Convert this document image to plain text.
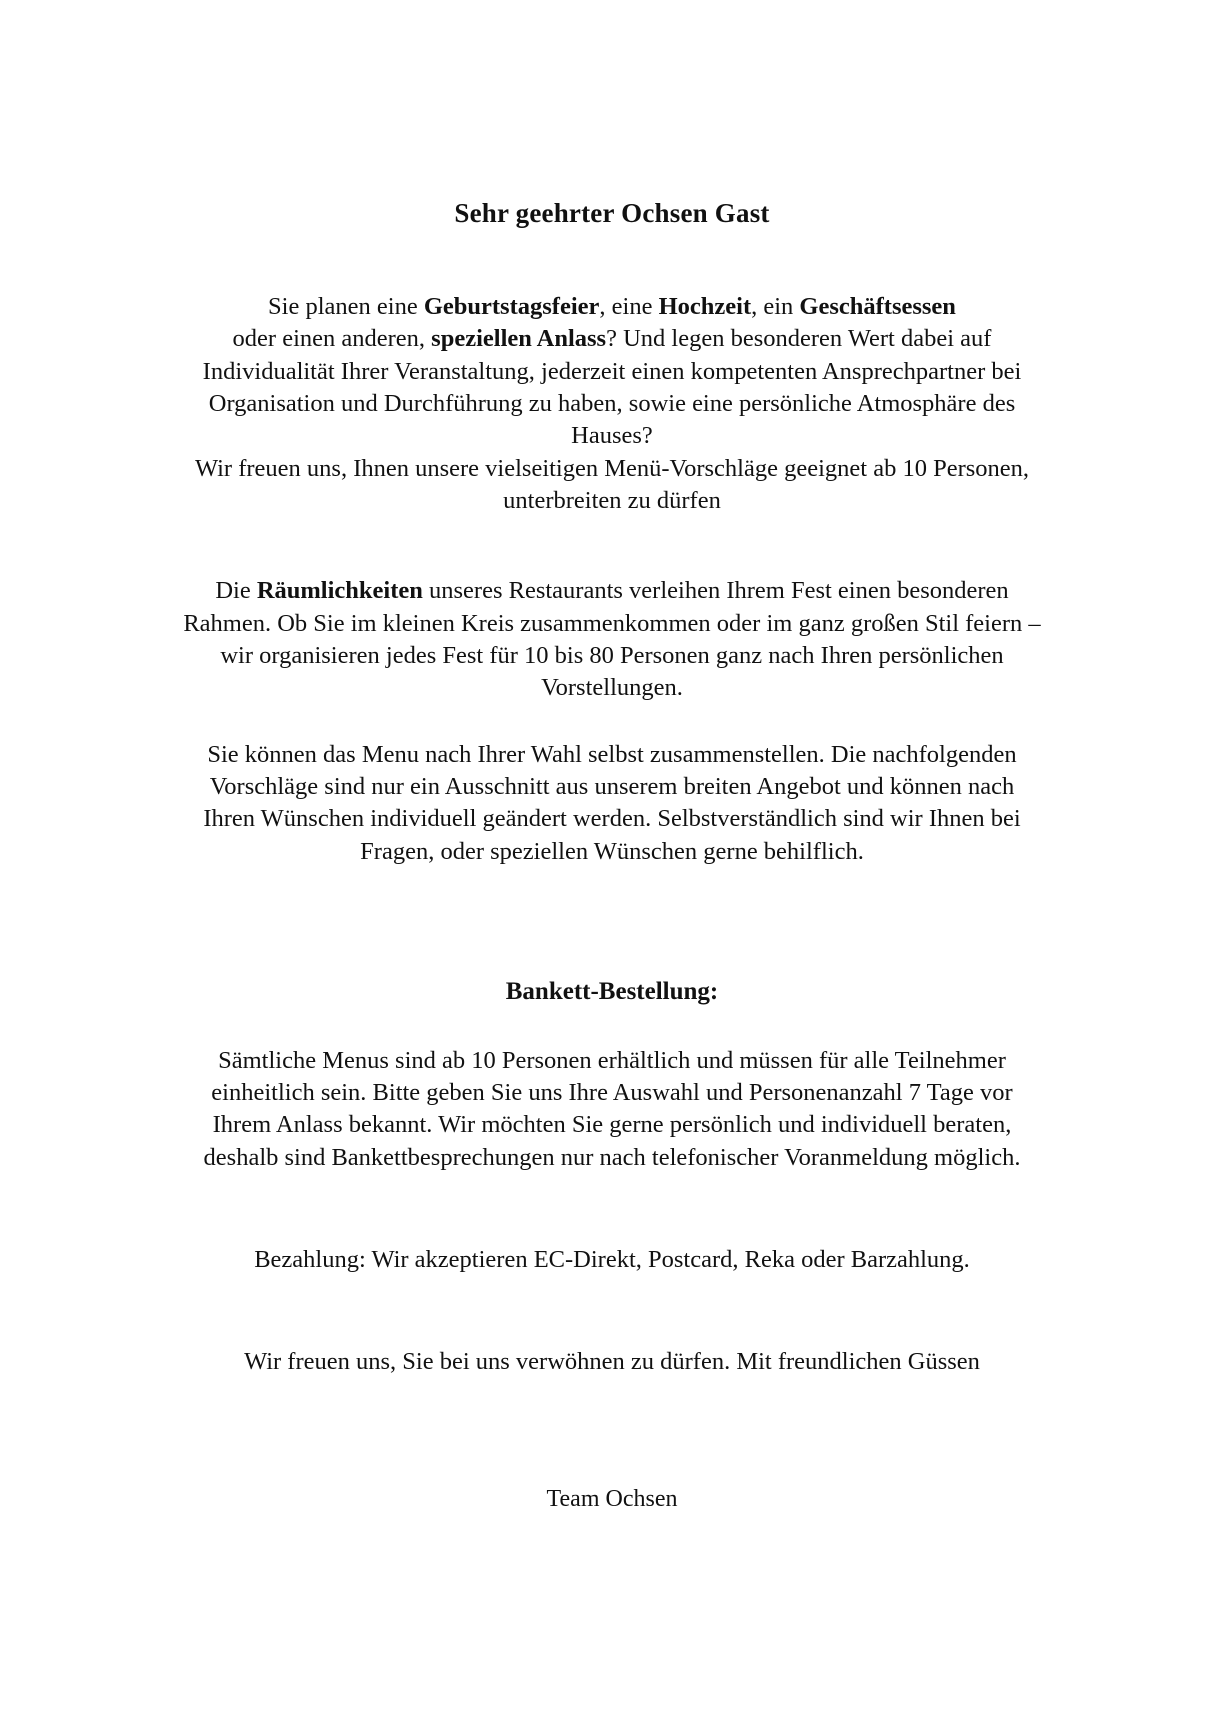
Sehr geehrter Ochsen Gast

Sie planen eine Geburtstagsfeier, eine Hochzeit, ein Geschäftsessen

oder einen anderen, speziellen Anlass? Und legen besonderen Wert dabei auf Individualität Ihrer Veranstaltung, jederzeit einen kompetenten Ansprechpartner bei Organisation und Durchführung zu haben, sowie eine persönliche Atmosphäre des Hauses?

Wir freuen uns, Ihnen unsere vielseitigen Menü-Vorschläge geeignet ab 10 Personen, unterbreiten zu dürfen

Die Räumlichkeiten unseres Restaurants verleihen Ihrem Fest einen besonderen Rahmen. Ob Sie im kleinen Kreis zusammenkommen oder im ganz großen Stil feiern – wir organisieren jedes Fest für 10 bis 80 Personen ganz nach Ihren persönlichen Vorstellungen.

Sie können das Menu nach Ihrer Wahl selbst zusammenstellen. Die nachfolgenden Vorschläge sind nur ein Ausschnitt aus unserem breiten Angebot und können nach Ihren Wünschen individuell geändert werden. Selbstverständlich sind wir Ihnen bei Fragen, oder speziellen Wünschen gerne behilflich.

Bankett-Bestellung:

Sämtliche Menus sind ab 10 Personen erhältlich und müssen für alle Teilnehmer einheitlich sein. Bitte geben Sie uns Ihre Auswahl und Personenanzahl 7 Tage vor Ihrem Anlass bekannt. Wir möchten Sie gerne persönlich und individuell beraten, deshalb sind Bankettbesprechungen nur nach telefonischer Voranmeldung möglich.

Bezahlung: Wir akzeptieren EC-Direkt, Postcard, Reka oder Barzahlung.

Wir freuen uns, Sie bei uns verwöhnen zu dürfen. Mit freundlichen Güssen

Team Ochsen
